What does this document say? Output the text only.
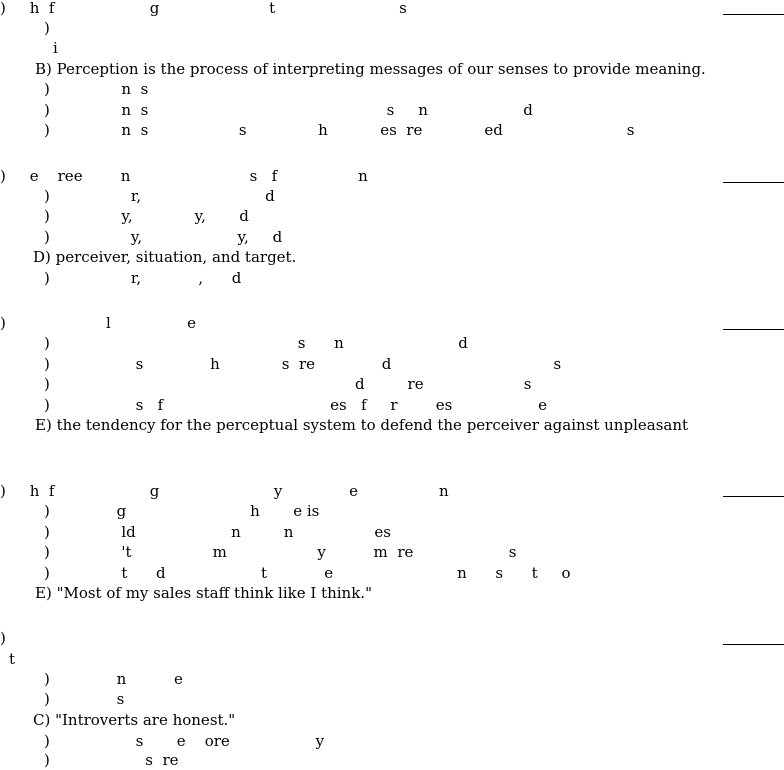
)     h  f                    g                       t                          s
)
i
B) Perception is the process of interpreting messages of our senses to provide meaning.
)               n  s
)               n  s                                                  s     n                    d
)               n  s                   s               h           es  re             ed                          s
)     e    ree        n                         s   f                 n
)                 r,                          d
)               y,             y,       d
)                 y,                    y,     d
D) perceiver, situation, and target.
)                 r,            ,      d
)                     l                e
)                                                    s      n                        d
)                  s              h             s  re              d                                  s
)                                                                d         re                     s
)                  s   f                                   es   f     r        es                  e
E) the tendency for the perceptual system to defend the perceiver against unpleasant
)     h  f                    g                        y              e                 n
)              g                          h       e is
)               ld                    n         n                 es
)               't                 m                   y          m  re                    s
)               t      d                    t            e                          n      s      t     o
E) "Most of my sales staff think like I think."
)
t
)              n          e
)              s
C) "Introverts are honest."
)                  s       e    ore                  y
)                    s  re
